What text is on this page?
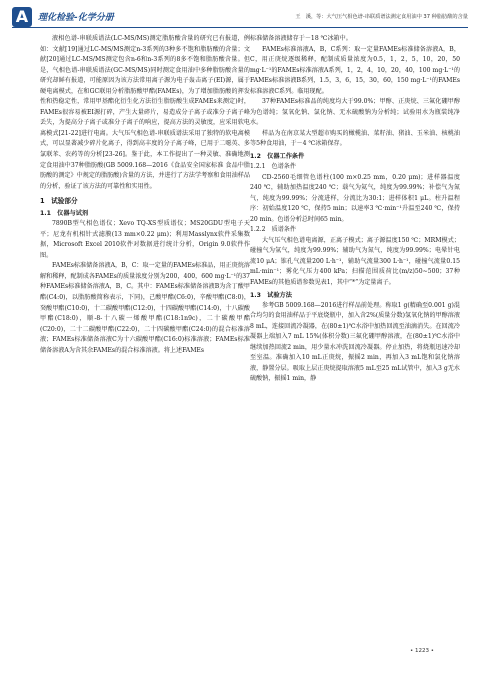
A	理化检验-化学分册	王　溪，等：大气压气相色谱-串联质谱法测定食用油中 37 种脂肪酸的含量

液相色谱-串联质谱法(LC-MS/MS)测定脂肪酸含量的研究已有报道，例如：文献[19]通过LC-MS/MS测定n-3系列的3种多不饱和脂肪酸的含量；文献[20]通过LC-MS/MS测定包含n-6和n-3系列的8多不饱和脂肪酸含量。但是，气相色谱-串联质谱法(GC-MS/MS)同时测定食用油中多种脂肪酸含量的研究却鲜有报道，可能原因为该方法常用离子源为电子轰击离子(EI)源，属于硬电离模式，在和GC联用分析脂肪酸甲酯(FAMEs)，为了增加脂肪酸的挥发性和热稳定性，常用甲基酯化衍生化方法衍生脂肪酸生成FAMEs来测定)时，FAMEs很容易被EI源打碎，产生大量碎片，易造成分子离子或准分子离子峰丢失，为提高分子离子或准分子离子的响应，提高方法的灵敏度，应采用软电离模式[21-22]进行电离。大气压气相色谱-串联质谱法采用了独特的软电离模式，可以显著减少碎片化离子，得到高丰度的分子离子峰，已用于二噁英、多氯联苯、农药等的分析[23-26]。鉴于此，本工作提出了一种灵敏、准确地测定食用油中37种脂肪酸(GB 5009.168—2016《食品安全国家标准 食品中脂肪酸的测定》中规定的脂肪酸)含量的方法，并进行了方法学考察和食用油样品的分析，验证了该方法的可靠性和实用性。

1　试验部分
1.1　仪器与试剂

7890B型气相色谱仪；Xevo TQ-XS型质谱仪；MS20GDU型电子天平；尼龙有机相针式滤膜(13 mm×0.22 μm)；利用Masslynx软件采集数据，Microsoft Excel 2010软件对数据进行统计分析，Origin 9.0软件作图。

FAMEs标准储备溶液A，B，C：取一定量的FAMEs标准品，用正庚烷溶解和稀释，配制成各FAMEs的质量浓度分别为200，400，600 mg·L⁻¹的37种FAMEs标准储备溶液A，B，C。其中：FAMEs标准储备溶液B为含丁酸甲酯(C4:0)，以脂肪酸简称表示，下同)，己酸甲酯(C6:0)，辛酸甲酯(C8:0)，癸酸甲酯(C10:0)，十二碳酸甲酯(C12:0)，十四碳酸甲酯(C14:0)，十八碳酸甲酯(C18:0)，顺-8-十八碳一烯酸甲酯(C18:1n9c)，二十碳酸甲酯(C20:0)，二十二碳酸甲酯(C22:0)，二十四碳酸甲酯(C24:0)的混合标准溶液；FAMEs标准储备溶液C为十六碳酸甲酯(C16:0)标准溶液；FAMEs标准储备溶液A为含其余FAMEs的混合标准溶液。将上述FAMEs

标准储备溶液储存于－18 ℃冰箱中。

FAMEs标准溶液A，B，C系列：取一定量FAMEs标准储备溶液A，B，C，用正庚烷逐级稀释，配制成质量浓度为0.5，1，2，5，10，20，50 mg·L⁻¹的FAMEs标准溶液A系列，1，2，4，10，20，40，100 mg·L⁻¹的FAMEs标准溶液B系列，1.5，3，6，15，30，60，150 mg·L⁻¹的FAMEs标准溶液C系列。临用现配。

37种FAMEs标准品的纯度均大于99.0%；甲醇、正庚烷、三氟化硼甲醇为色谱纯；氢氧化钠、氯化钠、无水硫酸钠为分析纯；试验用水为瓶装纯净水。

样品为在南京某大型超市购买的橄榄油、菜籽油、猪油、玉米油、核桃油等5种食用油，于－4 ℃冰箱保存。

1.2　仪器工作条件
1.2.1　色谱条件

CD-2560毛细管色谱柱(100 m×0.25 mm，0.20 μm)；进样器温度240 ℃，辅助加热温度240 ℃；载气为氦气，纯度为99.99%；补偿气为氮气，纯度为99.99%；分流进样，分流比为30:1；进样体积1 μL。柱升温程序：初始温度120 ℃，保持5 min；以速率3 ℃·min⁻¹升温至240 ℃，保持20 min。色谱分析总时间65 min。

1.2.2　质谱条件

大气压气相色谱电离源，正离子模式；离子源温度150 ℃；MRM模式；碰撞气为氩气，纯度为99.99%；辅助气为氮气，纯度为99.99%；电晕针电流10 μA；锥孔气流量200 L·h⁻¹，辅助气流量300 L·h⁻¹，碰撞气流量0.15 mL·min⁻¹；雾化气压力400 kPa；扫描范围质荷比(m/z)50~500；37种FAMEs的其他质谱参数见表1，其中“*”为定量离子。

1.3　试验方法

参考GB 5009.168—2016进行样品前处理。称取1 g(精确至0.001 g)混合均匀的食用油样品于平底烧瓶中，加入含2%(质量分数)氢氧化钠的甲醇溶液8 mL，连接回流冷凝器，在(80±1)℃水浴中加热回流至油滴消失。在回流冷凝器上端加入7 mL 15%(体积分数)三氟化硼甲醇溶液，在(80±1)℃水浴中继续加热回流2 min，用少量水冲洗回流冷凝器。停止加热，将烧瓶迅速冷却至室温。准确加入10 mL正庚烷，振摇2 min，再加入3 mL饱和氯化钠溶液，静置分层。吸取上层正庚烷提取溶液5 mL至25 mL试管中，加入3 g无水硫酸钠，振摇1 min，静

• 1223 •
